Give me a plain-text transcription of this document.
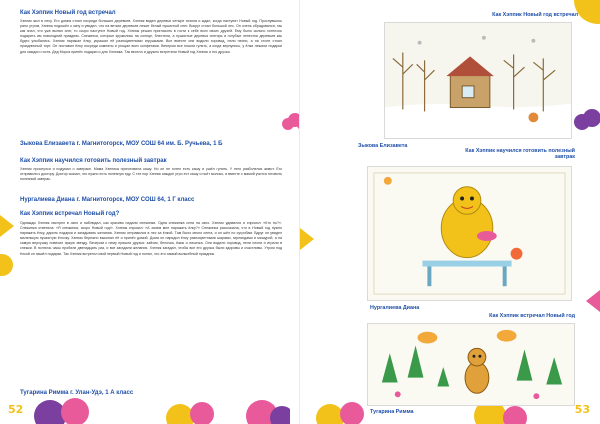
Как Хэппик Новый год встречал
Хэппик жил в лесу. Его домик стоял посреди больших деревьев. Хэппик видел деревья четыре сезона и ждал, когда наступит Новый год. Проснувшись рано утром, Хэппик подошёл к окну и увидел, что на ветках деревьев лежит белый пушистый снег. Вокруг стоял большой лес. Он очень обрадовался, так как знал, что уже выпал снег, то скоро наступит Новый год. Хэппик решил пригласить в гости к себе всех своих друзей. Ему было сильно хотелось подарить им новогодний праздник. Снежинки, которые кружились на солнце, блестели, а пушистые деревья снегирь и голубые лепестки деревьев как будто улыбались. Хэппик наряжал ёлку, украшал её разноцветными игрушками. Все вместе они водили хоровод, пели песни, а на столе стоял праздничный торт. Он поставил ёлку посреди комнаты и угощал всех конфетами. Вечером все пошли гулять, а когда вернулись, у ёлки лежали подарки для каждого гостя. Дед Мороз принёс подарки и для Хэппика. Так весело и дружно встретили Новый год Хэппик и его друзья.
Зыкова Елизавета г. Магнитогорск, МОУ СОШ 64 им. Б. Ручьева, 1 Б
Как Хэппик научился готовить полезный завтрак
Хэппик проснулся и подумал о завтраке. Мама Хэппика приготовила кашу. Но он не хотел есть кашу и ушёл гулять. У него разболелся живот. Его отправили к доктору. Доктор сказал, что нужно есть полезную еду. С тех пор Хэппик каждое утро ест кашу и пьёт молоко, и вместе с мамой учится готовить полезный завтрак.
Нургалиева Диана г. Магнитогорск, МОУ СОШ 64, 1 Г класс
Как Хэппик встречал Новый год?
Однажды Хэппик смотрел в окно и наблюдал, как красиво падали снежинки. Одна снежинка села на окно. Хэппик удивился и спросил: «Кто ты?». Снежинка ответила: «Я снежинка, скоро Новый год!». Хэппик спросил: «А зачем мне наряжать ёлку?» Снежинка рассказала, что в Новый год нужно наряжать ёлку, дарить подарки и загадывать желания. Хэппик отправился в лес за ёлкой. Там было много снега, и он шёл по сугробам. Вдруг он увидел маленькую пушистую ёлочку. Хэппик бережно выкопал её и принёс домой. Дома он нарядил ёлку разноцветными шарами, гирляндами и мишурой, а на самую верхушку повесил яркую звезду. Вечером к нему пришли друзья: зайчик, белочка, ёжик и лисичка. Они водили хоровод, пели песни и играли в снежки. В полночь часы пробили двенадцать раз, и все загадали желания. Хэппик загадал, чтобы все его друзья были здоровы и счастливы. Утром под ёлкой он нашёл подарки. Так Хэппик встретил свой первый Новый год и понял, что это самый волшебный праздник.
Тугарина Римма г. Улан-Удэ, 1 А класс
52
Как Хэппик Новый год встречал
Зыкова Елизавета
Как Хэппик научился готовить полезный завтрак
Нургалиева Диана
Как Хэппик встречал Новый год
Тугарина Римма	53
